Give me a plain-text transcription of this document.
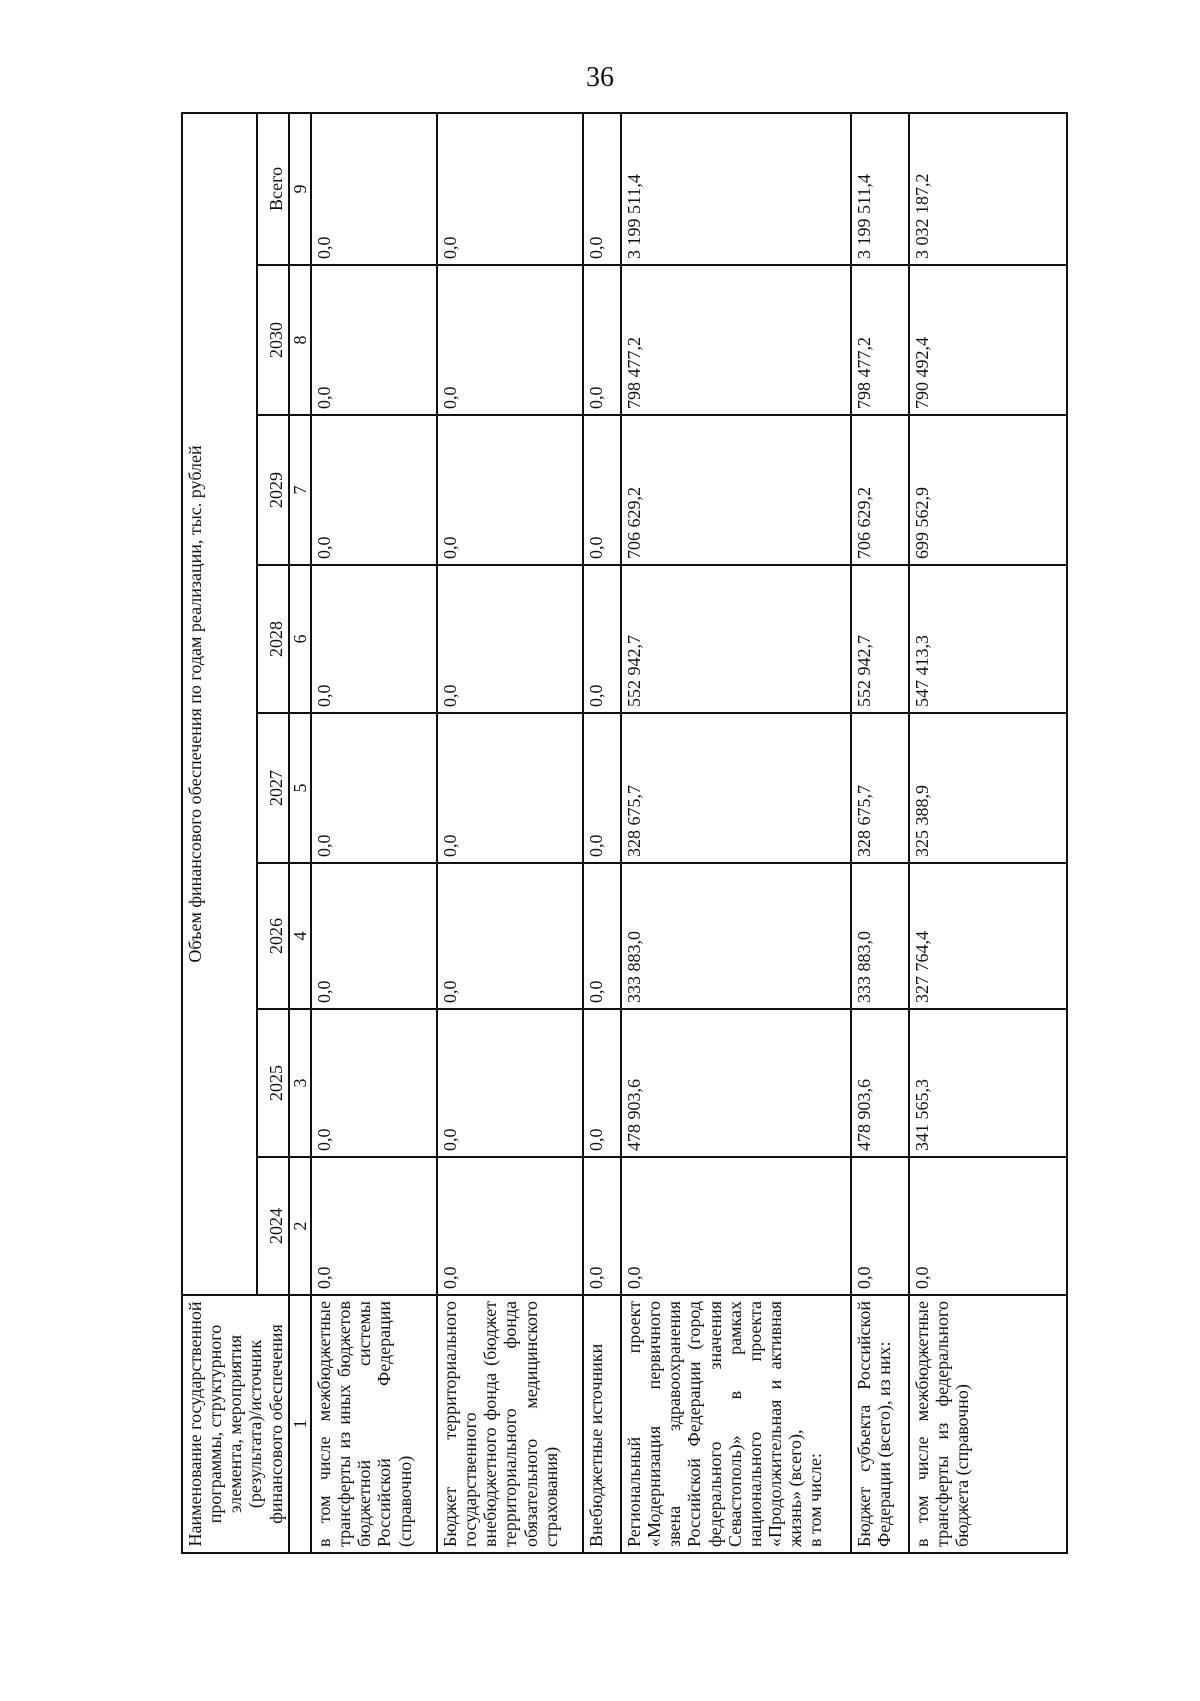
36
Наименование государственной программы, структурного элемента, мероприятия (результата)/источник финансового обеспечения	Объем финансового обеспечения по годам реализации, тыс. рублей							
	2024	2025	2026	2027	2028	2029	2030	Всего
1	2	3	4	5	6	7	8	9
в том числе межбюджетные трансферты из иных бюджетов бюджетной системы Российской Федерации (справочно)	0,0	0,0	0,0	0,0	0,0	0,0	0,0	0,0
Бюджет территориального государственного внебюджетного фонда (бюджет территориального фонда обязательного медицинского страхования)	0,0	0,0	0,0	0,0	0,0	0,0	0,0	0,0
Внебюджетные источники	0,0	0,0	0,0	0,0	0,0	0,0	0,0	0,0

Региональный проект «Модернизация первичного звена здравоохранения Российской Федерации (город федерального значения Севастополь)» в рамках национального проекта «Продолжительная и активная жизнь» (всего), в том числе:	0,0	478 903,6	333 883,0	328 675,7	552 942,7	706 629,2	798 477,2	3 199 511,4
Бюджет субъекта Российской Федерации (всего), из них:	0,0	478 903,6	333 883,0	328 675,7	552 942,7	706 629,2	798 477,2	3 199 511,4
в том числе межбюджетные трансферты из федерального бюджета (справочно)	0,0	341 565,3	327 764,4	325 388,9	547 413,3	699 562,9	790 492,4	3 032 187,2
